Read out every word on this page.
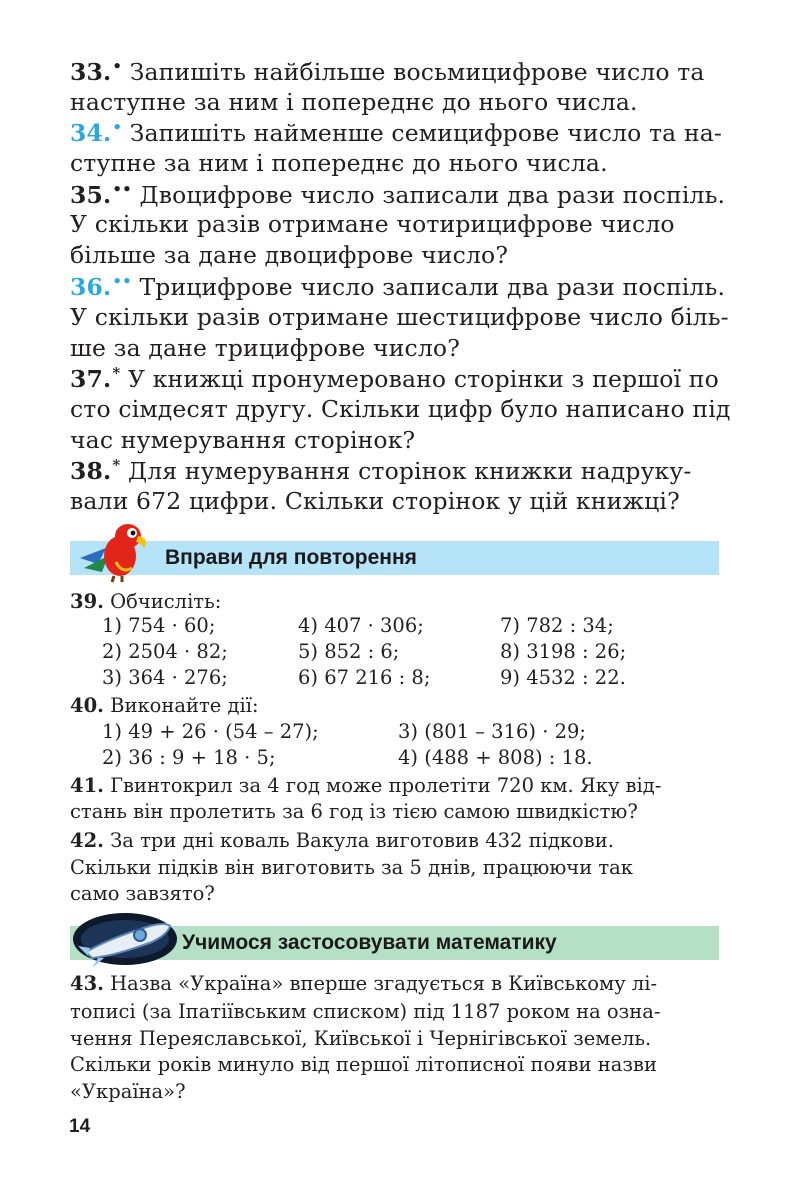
33.• Запишіть найбільше восьмицифрове число та
наступне за ним і попереднє до нього числа.
34.• Запишіть найменше семицифрове число та на-
ступне за ним і попереднє до нього числа.
35.•• Двоцифрове число записали два рази поспіль.
У скільки разів отримане чотирицифрове число
більше за дане двоцифрове число?
36.•• Трицифрове число записали два рази поспіль.
У скільки разів отримане шестицифрове число біль-
ше за дане трицифрове число?
37.* У книжці пронумеровано сторінки з першої по
сто сімдесят другу. Скільки цифр було написано під
час нумерування сторінок?
38.* Для нумерування сторінок книжки надруку-
вали 672 цифри. Скільки сторінок у цій книжці?
Вправи для повторення
39. Обчисліть:
1) 754 · 60;	4) 407 · 306;	7) 782 : 34;
2) 2504 · 82;	5) 852 : 6;	8) 3198 : 26;
3) 364 · 276;	6) 67 216 : 8;	9) 4532 : 22.
40. Виконайте дії:
1) 49 + 26 · (54 – 27);	3) (801 – 316) · 29;
2) 36 : 9 + 18 · 5;	4) (488 + 808) : 18.
41. Гвинтокрил за 4 год може пролетіти 720 км. Яку від-
стань він пролетить за 6 год із тією самою швидкістю?
42. За три дні коваль Вакула виготовив 432 підкови.
Скільки підків він виготовить за 5 днів, працюючи так
само завзято?
Учимося застосовувати математику
43. Назва «Україна» вперше згадується в Київському лі-
тописі (за Іпатіївським списком) під 1187 роком на озна-
чення Переяславської, Київської і Чернігівської земель.
Скільки років минуло від першої літописної появи назви
«Україна»?
14
